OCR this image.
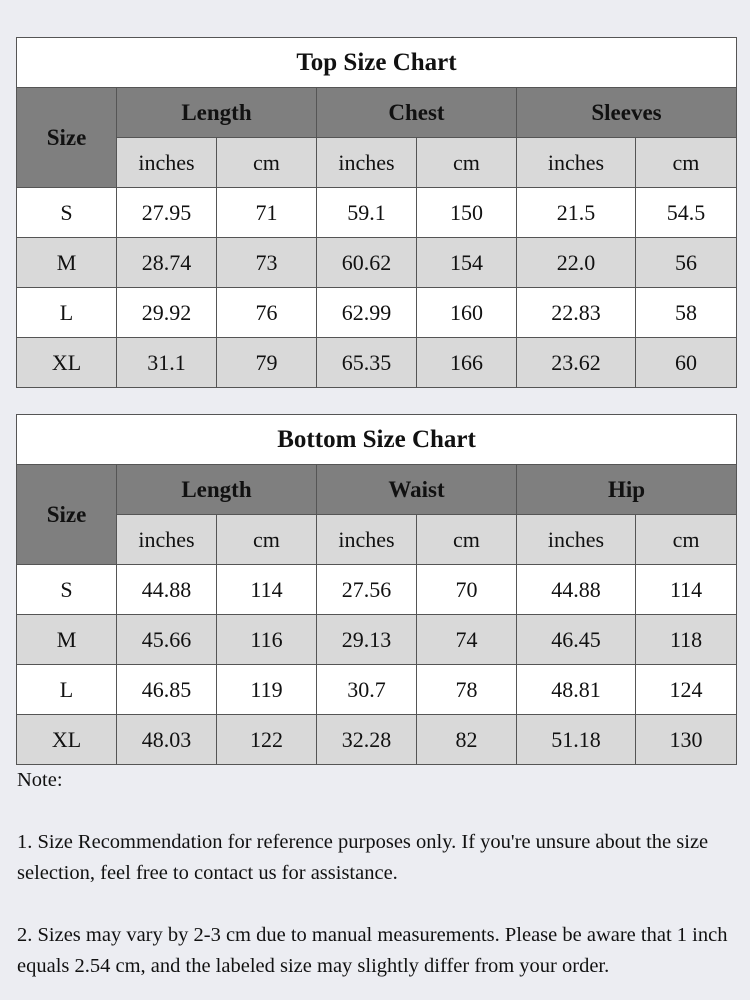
Top Size Chart						
Size	Length		Chest		Sleeves	
	inches	cm	inches	cm	inches	cm
S	27.95	71	59.1	150	21.5	54.5
M	28.74	73	60.62	154	22.0	56
L	29.92	76	62.99	160	22.83	58
XL	31.1	79	65.35	166	23.62	60
Bottom Size Chart						
Size	Length		Waist		Hip	
	inches	cm	inches	cm	inches	cm
S	44.88	114	27.56	70	44.88	114
M	45.66	116	29.13	74	46.45	118
L	46.85	119	30.7	78	48.81	124
XL	48.03	122	32.28	82	51.18	130

Note:

1. Size Recommendation for reference purposes only. If you're unsure about the size selection, feel free to contact us for assistance.

2. Sizes may vary by 2-3 cm due to manual measurements. Please be aware that 1 inch equals 2.54 cm, and the labeled size may slightly differ from your order.
